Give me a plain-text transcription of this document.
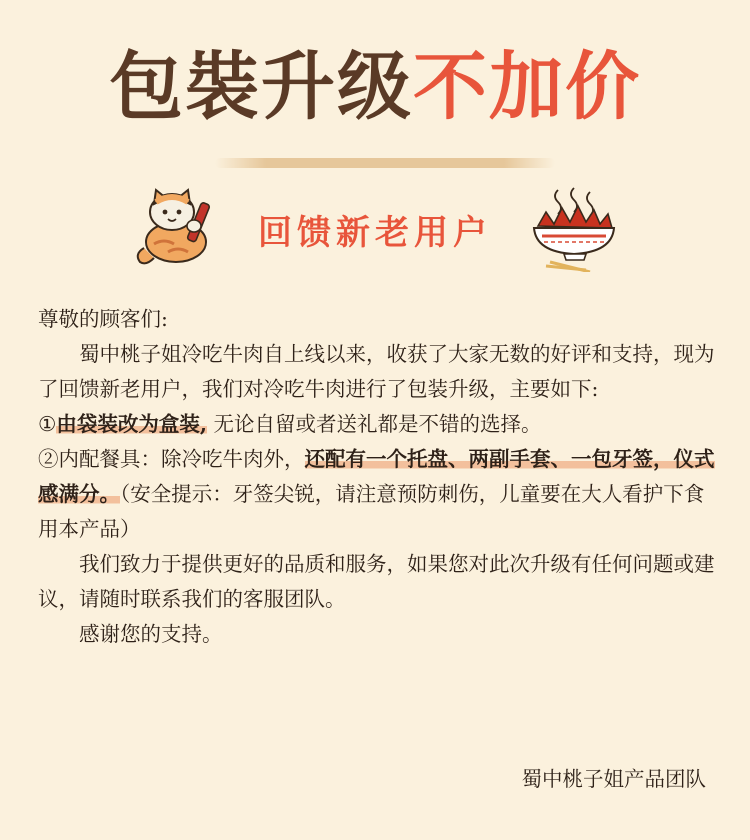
包裝升级不加价
回馈新老用户

尊敬的顾客们:

蜀中桃子姐冷吃牛肉自上线以来，收获了大家无数的好评和支持，现为了回馈新老用户，我们对冷吃牛肉进行了包装升级，主要如下:

①由袋装改为盒装, 无论自留或者送礼都是不错的选择。

②内配餐具：除冷吃牛肉外，还配有一个托盘、两副手套、一包牙签，仪式感满分。（安全提示：牙签尖锐，请注意预防刺伤，儿童要在大人看护下食用本产品）

我们致力于提供更好的品质和服务，如果您对此次升级有任何问题或建议，请随时联系我们的客服团队。

感谢您的支持。

蜀中桃子姐产品团队
